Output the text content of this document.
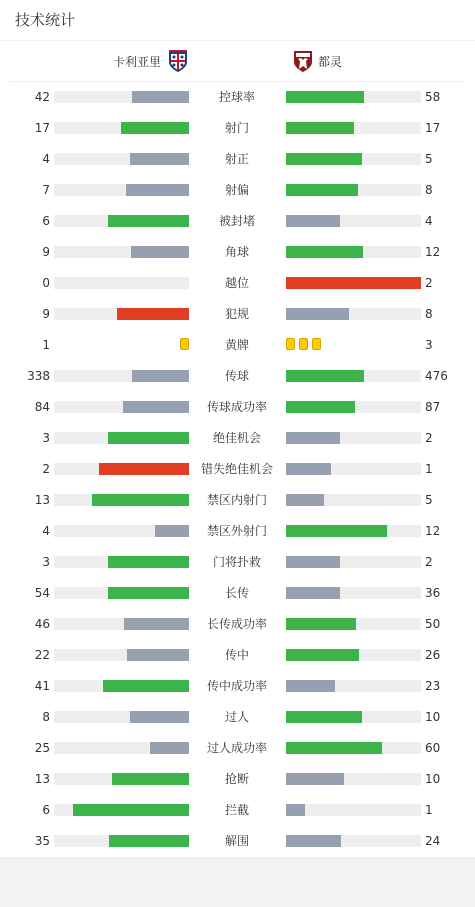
技术统计
卡利亚里	都灵
42	控球率	58
17	射门	17
4	射正	5
7	射偏	8
6	被封堵	4
9	角球	12
0	越位	2
9	犯规	8
1	黄牌	3
338	传球	476
84	传球成功率	87
3	绝佳机会	2
2	错失绝佳机会	1
13	禁区内射门	5
4	禁区外射门	12
3	门将扑救	2
54	长传	36
46	长传成功率	50
22	传中	26
41	传中成功率	23
8	过人	10
25	过人成功率	60
13	抢断	10
6	拦截	1
35	解围	24
